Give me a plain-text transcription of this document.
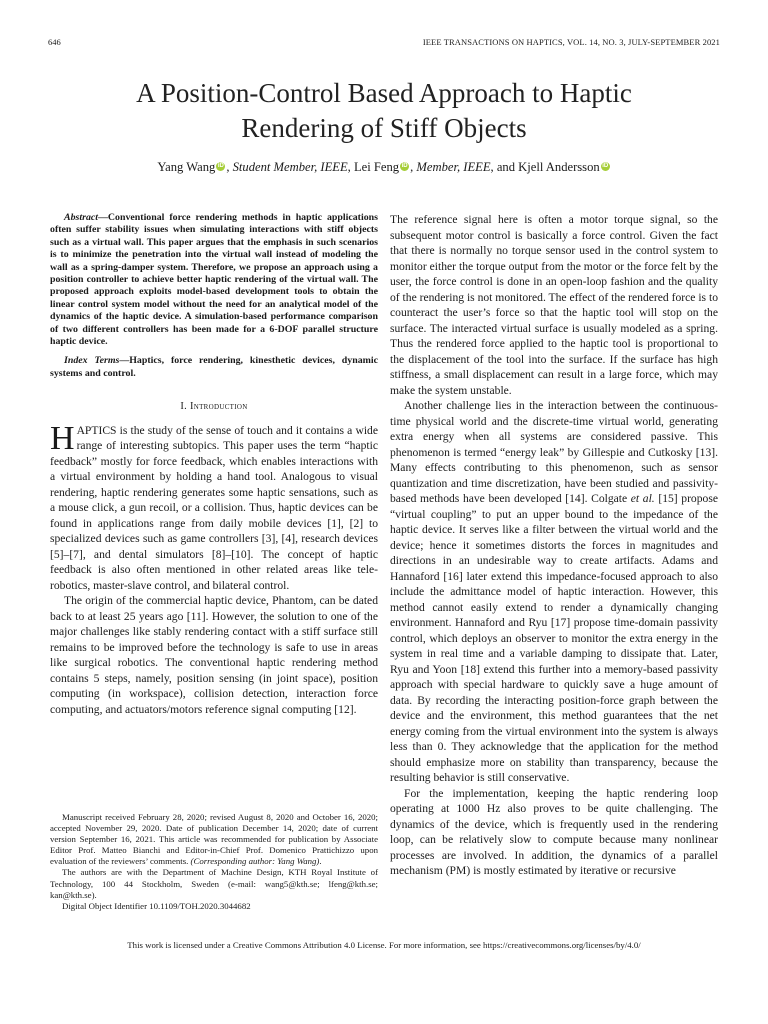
646	IEEE TRANSACTIONS ON HAPTICS, VOL. 14, NO. 3, JULY-SEPTEMBER 2021
A Position-Control Based Approach to Haptic
Rendering of Stiff Objects
Yang Wang iD , Student Member, IEEE, Lei Feng iD , Member, IEEE, and Kjell Andersson iD

Abstract—Conventional force rendering methods in haptic applications often suffer stability issues when simulating interactions with stiff objects such as a virtual wall. This paper argues that the emphasis in such scenarios is to minimize the penetration into the virtual wall instead of modeling the wall as a spring-damper system. Therefore, we propose an approach using a position controller to achieve better haptic rendering of the virtual wall. The proposed approach exploits model-based development tools to obtain the linear control system model without the need for an analytical model of the dynamics of the haptic device. A simulation-based performance comparison of two different controllers has been made for a 6-DOF parallel structure haptic device.

Index Terms—Haptics, force rendering, kinesthetic devices, dynamic systems and control.

I. Introduction

HAPTICS is the study of the sense of touch and it contains a wide range of interesting subtopics. This paper uses the term “haptic feedback” mostly for force feedback, which enables interactions with a virtual environment by holding a hand tool. Analogous to visual rendering, haptic rendering generates some haptic sensations, such as a mouse click, a gun recoil, or a collision. Thus, haptic devices can be found in applications range from daily mobile devices [1], [2] to specialized devices such as game controllers [3], [4], research devices [5]–[7], and dental simulators [8]–[10]. The concept of haptic feedback is also often mentioned in other related areas like tele-robotics, master-slave control, and bilateral control.

The origin of the commercial haptic device, Phantom, can be dated back to at least 25 years ago [11]. However, the solution to one of the major challenges like stably rendering contact with a stiff surface still remains to be improved before the technology is safe to use in areas like surgical robotics. The conventional haptic rendering method contains 5 steps, namely, position sensing (in joint space), position computing (in workspace), collision detection, interaction force computing, and actuators/motors reference signal computing [12].

Manuscript received February 28, 2020; revised August 8, 2020 and October 16, 2020; accepted November 29, 2020. Date of publication December 14, 2020; date of current version September 16, 2021. This article was recommended for publication by Associate Editor Prof. Matteo Bianchi and Editor-in-Chief Prof. Domenico Prattichizzo upon evaluation of the reviewers’ comments. (Corresponding author: Yang Wang).

The authors are with the Department of Machine Design, KTH Royal Institute of Technology, 100 44 Stockholm, Sweden (e-mail: wang5@kth.se; lfeng@kth.se; kan@kth.se).

Digital Object Identifier 10.1109/TOH.2020.3044682

The reference signal here is often a motor torque signal, so the subsequent motor control is basically a force control. Given the fact that there is normally no torque sensor used in the control system to monitor either the torque output from the motor or the force felt by the user, the force control is done in an open-loop fashion and the quality of the rendering is not monitored. The effect of the rendered force is to counteract the user’s force so that the haptic tool will stop on the surface. The interacted virtual surface is usually modeled as a spring. Thus the rendered force applied to the haptic tool is proportional to the displacement of the tool into the surface. If the surface has high stiffness, a small displacement can result in a large force, which may make the system unstable.

Another challenge lies in the interaction between the continuous-time physical world and the discrete-time virtual world, generating extra energy when all systems are considered passive. This phenomenon is termed “energy leak” by Gillespie and Cutkosky [13]. Many effects contributing to this phenomenon, such as sensor quantization and time discretization, have been studied and passivity-based methods have been developed [14]. Colgate et al. [15] propose “virtual coupling” to put an upper bound to the impedance of the haptic device. It serves like a filter between the virtual world and the device; hence it sometimes distorts the forces in magnitudes and directions in an undesirable way to create artifacts. Adams and Hannaford [16] later extend this impedance-focused approach to also include the admittance model of haptic interaction. However, this method cannot easily extend to render a dynamically changing environment. Hannaford and Ryu [17] propose time-domain passivity control, which deploys an observer to monitor the extra energy in the system in real time and a variable damping to dissipate that. Later, Ryu and Yoon [18] extend this further into a memory-based passivity approach with special hardware to quickly save a huge amount of data. By recording the interacting position-force graph between the device and the environment, this method guarantees that the net energy coming from the virtual environment into the system is always less than 0. They acknowledge that the application for the method should emphasize more on stability than transparency, because the resulting behavior is still conservative.

For the implementation, keeping the haptic rendering loop operating at 1000 Hz also proves to be quite challenging. The dynamics of the device, which is frequently used in the rendering loop, can be relatively slow to compute because many nonlinear processes are involved. In addition, the dynamics of a parallel mechanism (PM) is mostly estimated by iterative or recursive

This work is licensed under a Creative Commons Attribution 4.0 License. For more information, see https://creativecommons.org/licenses/by/4.0/
